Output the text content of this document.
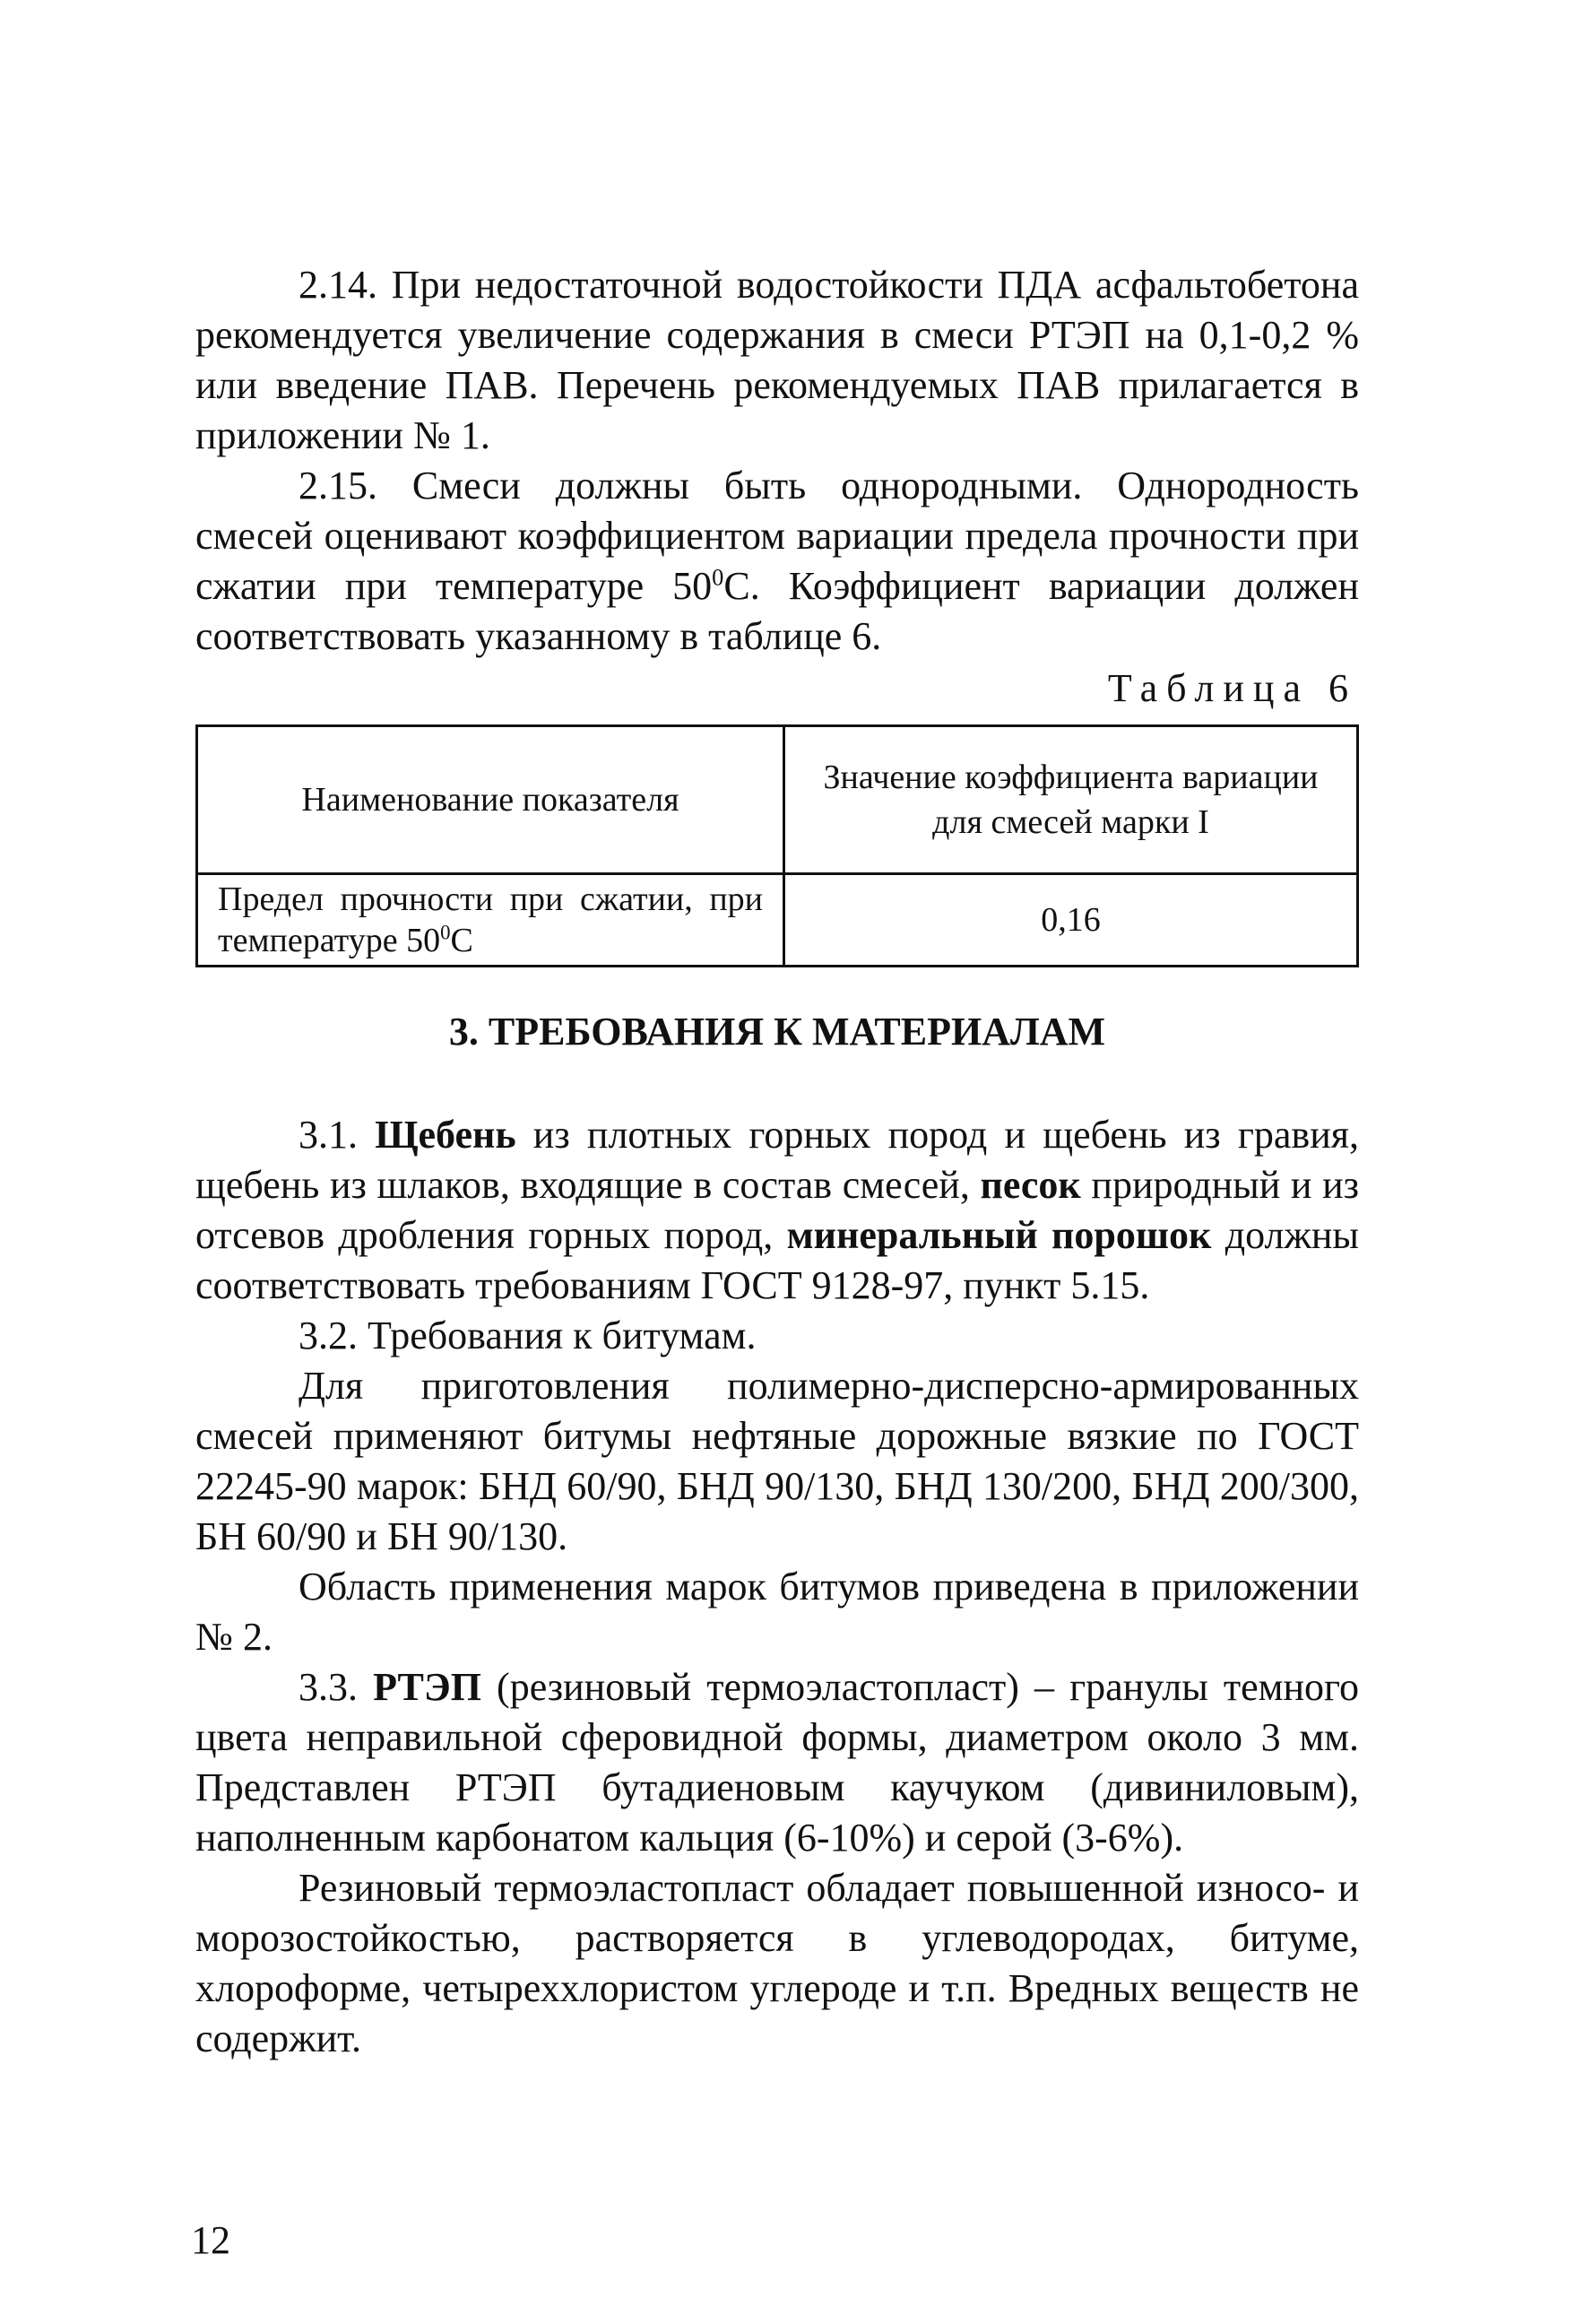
2.14. При недостаточной водостойкости ПДА асфальтобетона рекомендуется увеличение содержания в смеси РТЭП на 0,1-0,2 % или введение ПАВ. Перечень рекомендуемых ПАВ прилагается в приложении № 1.

2.15. Смеси должны быть однородными. Однородность смесей оценивают коэффициентом вариации предела прочности при сжатии при температуре $50^0С$. Коэффициент вариации должен соответствовать указанному в таблице 6.

Таблица 6

Наименование показателя	Значение коэффициента вариации для смесей марки I
Предел прочности при сжатии, при температуре $50^0С$	0,16
3. ТРЕБОВАНИЯ К МАТЕРИАЛАМ

3.1. Щебень из плотных горных пород и щебень из гравия, щебень из шлаков, входящие в состав смесей, песок природный и из отсевов дробления горных пород, минеральный порошок должны соответствовать требованиям ГОСТ 9128-97, пункт 5.15.

3.2. Требования к битумам.

Для приготовления полимерно-дисперсно-армированных смесей применяют битумы нефтяные дорожные вязкие по ГОСТ 22245-90 марок: БНД 60/90, БНД 90/130, БНД 130/200, БНД 200/300, БН 60/90 и БН 90/130.

Область применения марок битумов приведена в приложении № 2.

3.3. РТЭП (резиновый термоэластопласт) – гранулы темного цвета неправильной сферовидной формы, диаметром около 3 мм. Представлен РТЭП бутадиеновым каучуком (дивиниловым), наполненным карбонатом кальция (6-10%) и серой (3-6%).

Резиновый термоэластопласт обладает повышенной износо- и морозостойкостью, растворяется в углеводородах, битуме, хлороформе, четыреххлористом углероде и т.п. Вредных веществ не содержит.

12
